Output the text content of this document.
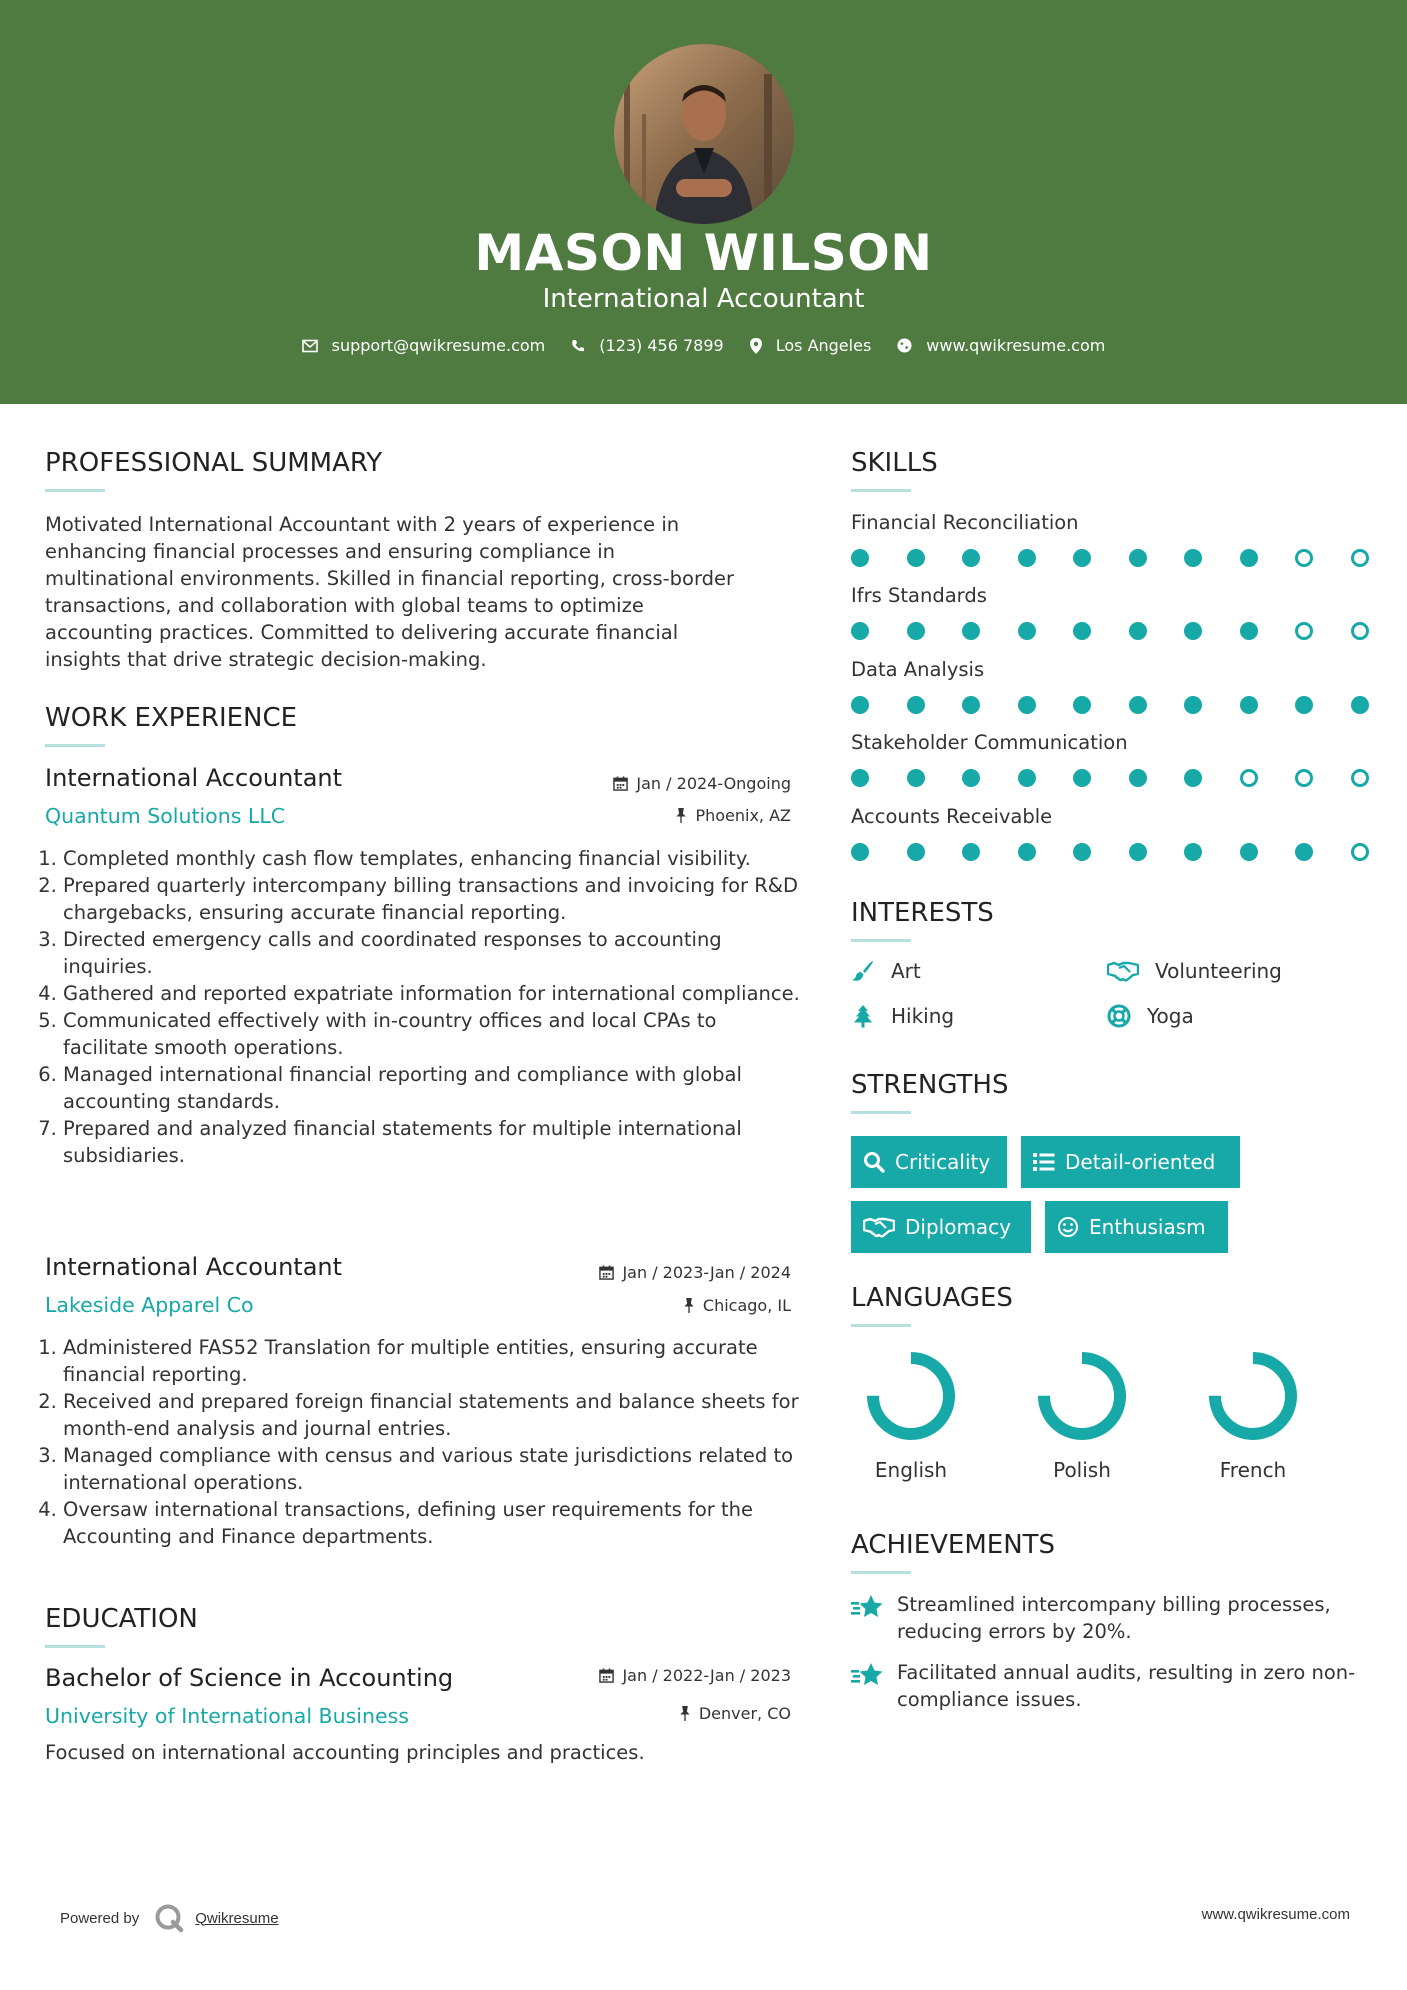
MASON WILSON
International Accountant
support@qwikresume.com	(123) 456 7899	Los Angeles	www.qwikresume.com
PROFESSIONAL SUMMARY
Motivated International Accountant with 2 years of experience in
enhancing financial processes and ensuring compliance in
multinational environments. Skilled in financial reporting, cross-border
transactions, and collaboration with global teams to optimize
accounting practices. Committed to delivering accurate financial
insights that drive strategic decision-making.
WORK EXPERIENCE
International Accountant	Jan / 2024-Ongoing
Quantum Solutions LLC	Phoenix, AZ
1. Completed monthly cash flow templates, enhancing financial visibility.
2. Prepared quarterly intercompany billing transactions and invoicing for R&D chargebacks, ensuring accurate financial reporting.
3. Directed emergency calls and coordinated responses to accounting inquiries.
4. Gathered and reported expatriate information for international compliance.
5. Communicated effectively with in-country offices and local CPAs to facilitate smooth operations.
6. Managed international financial reporting and compliance with global accounting standards.
7. Prepared and analyzed financial statements for multiple international subsidiaries.
International Accountant	Jan / 2023-Jan / 2024
Lakeside Apparel Co	Chicago, IL
1. Administered FAS52 Translation for multiple entities, ensuring accurate financial reporting.
2. Received and prepared foreign financial statements and balance sheets for month-end analysis and journal entries.
3. Managed compliance with census and various state jurisdictions related to international operations.
4. Oversaw international transactions, defining user requirements for the Accounting and Finance departments.
EDUCATION
Bachelor of Science in Accounting	Jan / 2022-Jan / 2023
University of International Business	Denver, CO
Focused on international accounting principles and practices.
SKILLS
Financial Reconciliation
Ifrs Standards
Data Analysis
Stakeholder Communication
Accounts Receivable
INTERESTS
Art	Volunteering
Hiking	Yoga
STRENGTHS
Criticality	Detail-oriented
Diplomacy	Enthusiasm
LANGUAGES
English	Polish	French
ACHIEVEMENTS
Streamlined intercompany billing processes, reducing errors by 20%.
Facilitated annual audits, resulting in zero non-compliance issues.
Powered by	Qwikresume	www.qwikresume.com
